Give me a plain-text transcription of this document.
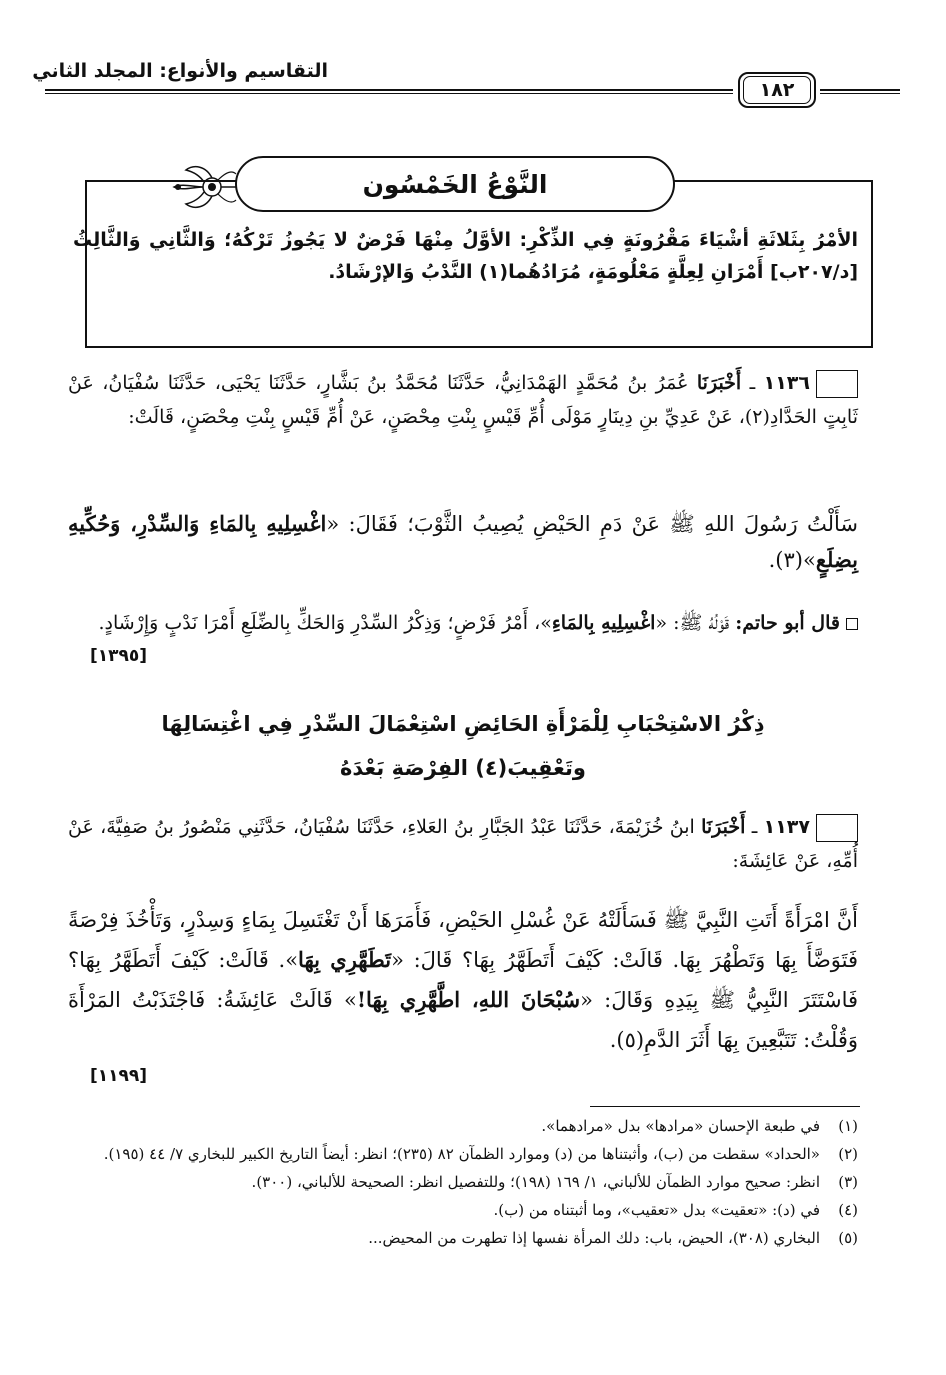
التقاسيم والأنواع: المجلد الثاني
١٨٢
النَّوْعُ الخَمْسُون
الأمْرُ بِثَلاثَةِ أشْيَاءَ مَقْرُونَةٍ فِي الذِّكْرِ: الأوَّلُ مِنْهَا فَرْضٌ لا يَجُوزُ تَرْكُهُ؛ وَالثَّانِي وَالثَّالِثُ [د/٢٠٧ب] أَمْرَانِ لِعِلَّةٍ مَعْلُومَةٍ، مُرَادُهُما(١) النَّدْبُ وَالإرْشَادُ.
١١٣٦ ـ أَخْبَرَنَا عُمَرُ بنُ مُحَمَّدٍ الهَمْدَانِيُّ، حَدَّثَنَا مُحَمَّدُ بنُ بَشَّارٍ، حَدَّثَنَا يَحْيَى، حَدَّثَنَا سُفْيَانُ، عَنْ ثَابِتٍ الحَدَّادِ(٢)، عَنْ عَدِيِّ بنِ دِينَارٍ مَوْلَى أُمِّ قَيْسٍ بِنْتِ مِحْصَنٍ، عَنْ أُمِّ قَيْسٍ بِنْتِ مِحْصَنٍ، قَالَتْ:
سَأَلْتُ رَسُولَ اللهِ ﷺ عَنْ دَمِ الحَيْضِ يُصِيبُ الثَّوْبَ؛ فَقَالَ: «اغْسِلِيهِ بِالمَاءِ وَالسِّدْرِ، وَحُكِّيهِ بِضِلَعٍ»(٣).
قال أبو حاتم: قَوْلُهُ ﷺ: «اغْسِلِيهِ بِالمَاءِ»، أَمْرُ فَرْضٍ؛ وَذِكْرُ السِّدْرِ وَالحَكِّ بِالضِّلَعِ أَمْرَا نَدْبٍ وَإِرْشَادٍ.
[١٣٩٥]
ذِكْرُ الاسْتِحْبَابِ لِلْمَرْأَةِ الحَائِضِ اسْتِعْمَالَ السِّدْرِ فِي اغْتِسَالِهَا
وتَعْقِيبَ(٤) الفِرْصَةِ بَعْدَهُ
١١٣٧ ـ أَخْبَرَنَا ابنُ خُزَيْمَةَ، حَدَّثَنَا عَبْدُ الجَبَّارِ بنُ العَلاءِ، حَدَّثَنَا سُفْيَانُ، حَدَّثَنِي مَنْصُورُ بنُ صَفِيَّةَ، عَنْ أُمِّهِ، عَنْ عَائِشَةَ:
أَنَّ امْرَأَةً أَتَتِ النَّبِيَّ ﷺ فَسَأَلَتْهُ عَنْ غُسْلِ الحَيْضِ، فَأَمَرَهَا أَنْ تَغْتَسِلَ بِمَاءٍ وَسِدْرٍ، وَتَأْخُذَ فِرْصَةً فَتَوَضَّأَ بِهَا وَتَطْهُرَ بِهَا. قَالَتْ: كَيْفَ أَتَطَهَّرُ بِهَا؟ قَالَ: «تَطَهَّرِي بِهَا». قَالَتْ: كَيْفَ أَتَطَهَّرُ بِهَا؟ فَاسْتَتَرَ النَّبِيُّ ﷺ بِيَدِهِ وَقَالَ: «سُبْحَانَ اللهِ، اطَّهَّرِي بِهَا!» قَالَتْ عَائِشَةُ: فَاجْتَذَبْتُ المَرْأَةَ وَقُلْتُ: تَتَبَّعِينَ بِهَا أَثَرَ الدَّمِ(٥).
[١١٩٩]
(١)
في طبعة الإحسان «مرادها» بدل «مرادهما».
(٢)
«الحداد» سقطت من (ب)، وأثبتناها من (د) وموارد الظمآن ٨٢ (٢٣٥)؛ انظر: أيضاً التاريخ الكبير للبخاري ٧/ ٤٤ (١٩٥).
(٣)
انظر: صحيح موارد الظمآن للألباني، ١/ ١٦٩ (١٩٨)؛ وللتفصيل انظر: الصحيحة للألباني، (٣٠٠).
(٤)
في (د): «تعقيت» بدل «تعقيب»، وما أثبتناه من (ب).
(٥)
البخاري (٣٠٨)، الحيض، باب: دلك المرأة نفسها إذا تطهرت من المحيض...
